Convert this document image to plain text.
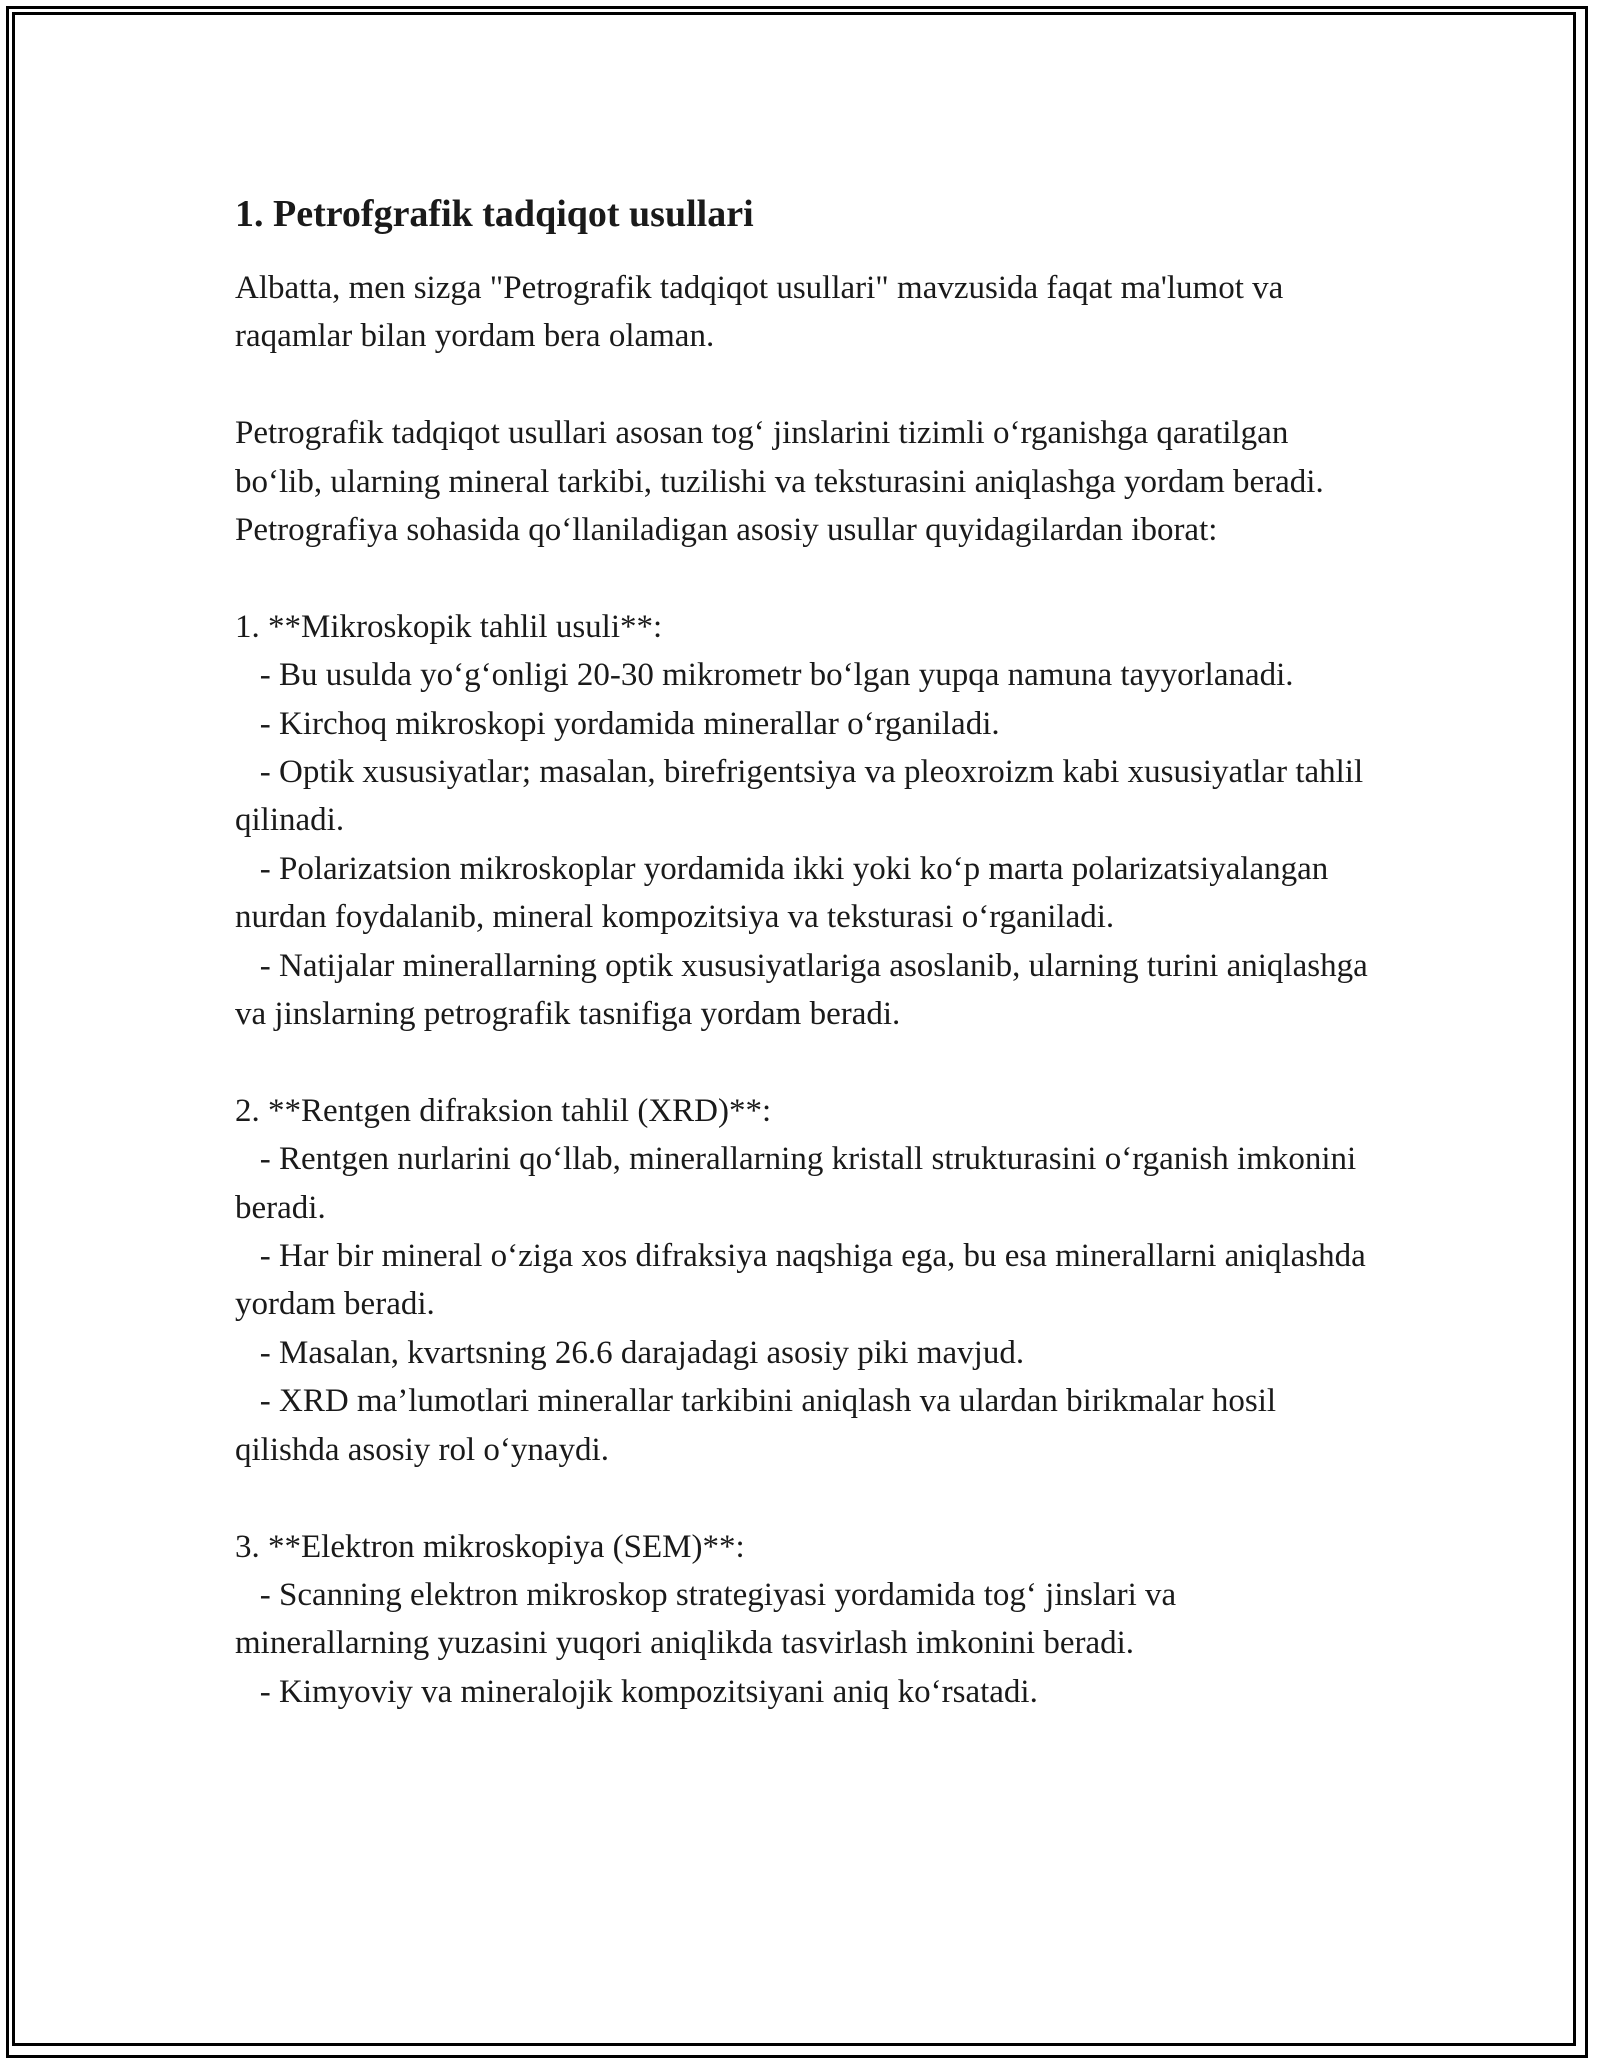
1. Petrofgrafik tadqiqot usullari

Albatta, men sizga "Petrografik tadqiqot usullari" mavzusida faqat ma'lumot va raqamlar bilan yordam bera olaman.

Petrografik tadqiqot usullari asosan tog‘ jinslarini tizimli o‘rganishga qaratilgan bo‘lib, ularning mineral tarkibi, tuzilishi va teksturasini aniqlashga yordam beradi. Petrografiya sohasida qo‘llaniladigan asosiy usullar quyidagilardan iborat:

1. **Mikroskopik tahlil usuli**:

- Bu usulda yo‘g‘onligi 20-30 mikrometr bo‘lgan yupqa namuna tayyorlanadi.

- Kirchoq mikroskopi yordamida minerallar o‘rganiladi.

- Optik xususiyatlar; masalan, birefrigentsiya va pleoxroizm kabi xususiyatlar tahlil qilinadi.

- Polarizatsion mikroskoplar yordamida ikki yoki ko‘p marta polarizatsiyalangan nurdan foydalanib, mineral kompozitsiya va teksturasi o‘rganiladi.

- Natijalar minerallarning optik xususiyatlariga asoslanib, ularning turini aniqlashga va jinslarning petrografik tasnifiga yordam beradi.

2. **Rentgen difraksion tahlil (XRD)**:

- Rentgen nurlarini qo‘llab, minerallarning kristall strukturasini o‘rganish imkonini beradi.

- Har bir mineral o‘ziga xos difraksiya naqshiga ega, bu esa minerallarni aniqlashda yordam beradi.

- Masalan, kvartsning 26.6 darajadagi asosiy piki mavjud.

- XRD ma’lumotlari minerallar tarkibini aniqlash va ulardan birikmalar hosil qilishda asosiy rol o‘ynaydi.

3. **Elektron mikroskopiya (SEM)**:

- Scanning elektron mikroskop strategiyasi yordamida tog‘ jinslari va minerallarning yuzasini yuqori aniqlikda tasvirlash imkonini beradi.

- Kimyoviy va mineralojik kompozitsiyani aniq ko‘rsatadi.
